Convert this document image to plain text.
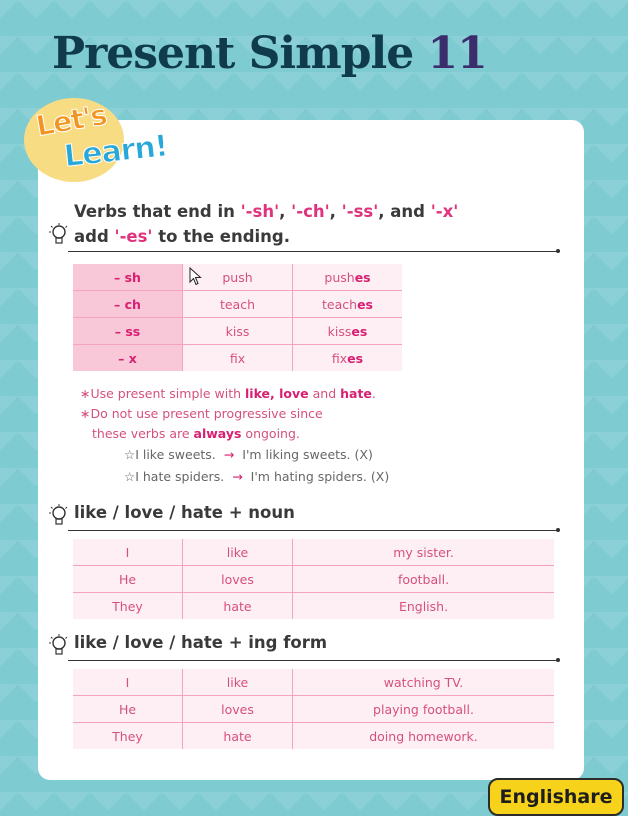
Present Simple 11
Let's
Learn!
Verbs that end in '-sh', '-ch', '-ss', and '-x'
add '-es' to the ending.
– sh	push	pushes
– ch	teach	teaches
– ss	kiss	kisses
– x	fix	fixes
∗Use present simple with like, love and hate.
∗Do not use present progressive since
these verbs are always ongoing.
☆I like sweets. → I'm liking sweets. (X)
☆I hate spiders. → I'm hating spiders. (X)
like / love / hate + noun
I	like	my sister.
He	loves	football.
They	hate	English.
like / love / hate + ing form
I	like	watching TV.
He	loves	playing football.
They	hate	doing homework.
Englishare
